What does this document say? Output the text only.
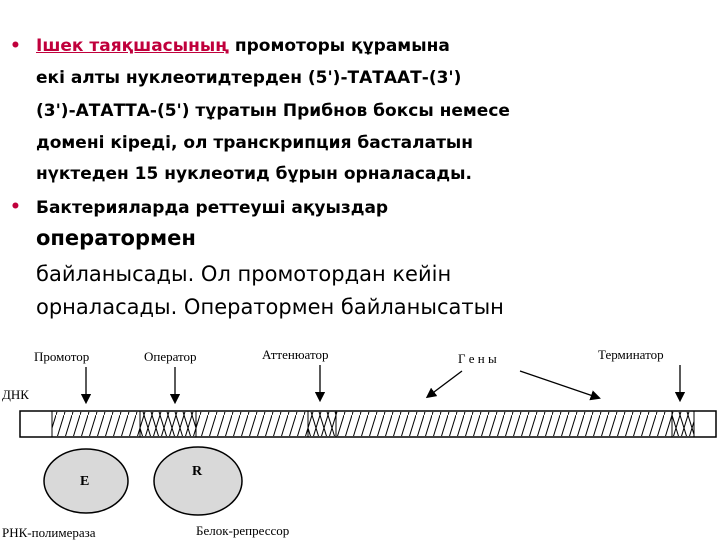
• Ішек таяқшасының промоторы құрамына
екі алты нуклеотидтерден (5')-ТАТААТ-(3')
(3')-АТАТТА-(5') тұратын Прибнов боксы немесе
домені кіреді, ол транскрипция басталатын
нүктеден 15 нуклеотид бұрын орналасады.
• Бактерияларда реттеуші ақуыздар
оператормен
байланысады. Ол промотордан кейін
орналасады. Оператормен байланысатын
Промотор	Оператор	Аттенюатор	Г е н ы	Терминатор
ДНК
E
R
РНК-полимераза	Белок-репрессор
